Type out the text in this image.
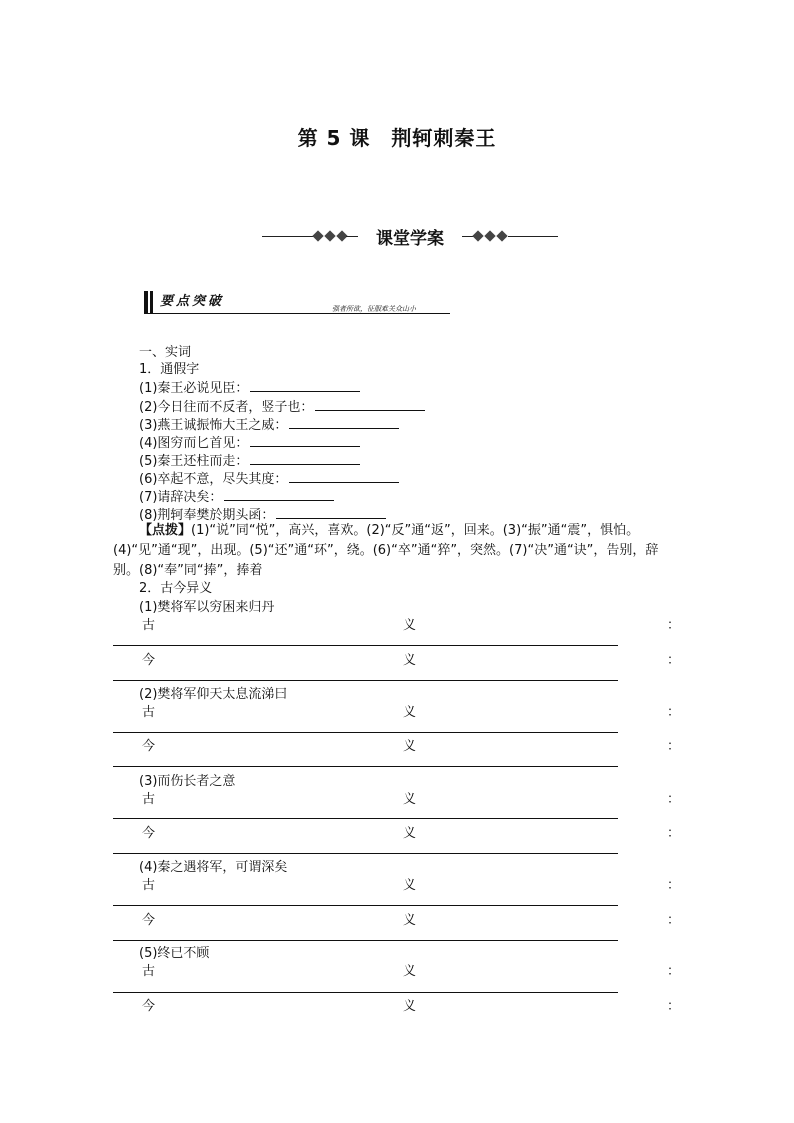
第 5 课　荆轲刺秦王
课堂学案
要点突破	强者所欲，征服难关众山小
一、实词
1．通假字
(1)秦王必说见臣：
(2)今日往而不反者，竖子也：
(3)燕王诚振怖大王之威：
(4)图穷而匕首见：
(5)秦王还柱而走：
(6)卒起不意，尽失其度：
(7)请辞决矣：
(8)荆轲奉樊於期头函：
【点拨】(1)“说”同“悦”，高兴，喜欢。(2)“反”通“返”，回来。(3)“振”通“震”，惧怕。(4)“见”通“现”，出现。(5)“还”通“环”，绕。(6)“卒”通“猝”，突然。(7)“决”通“诀”，告别，辞别。(8)“奉”同“捧”，捧着
2．古今异义
(1)樊将军以穷困来归丹
古	义	：
今	义	：
(2)樊将军仰天太息流涕曰
古	义	：
今	义	：
(3)而伤长者之意
古	义	：
今	义	：
(4)秦之遇将军，可谓深矣
古	义	：
今	义	：
(5)终已不顾
古	义	：
今	义	：
